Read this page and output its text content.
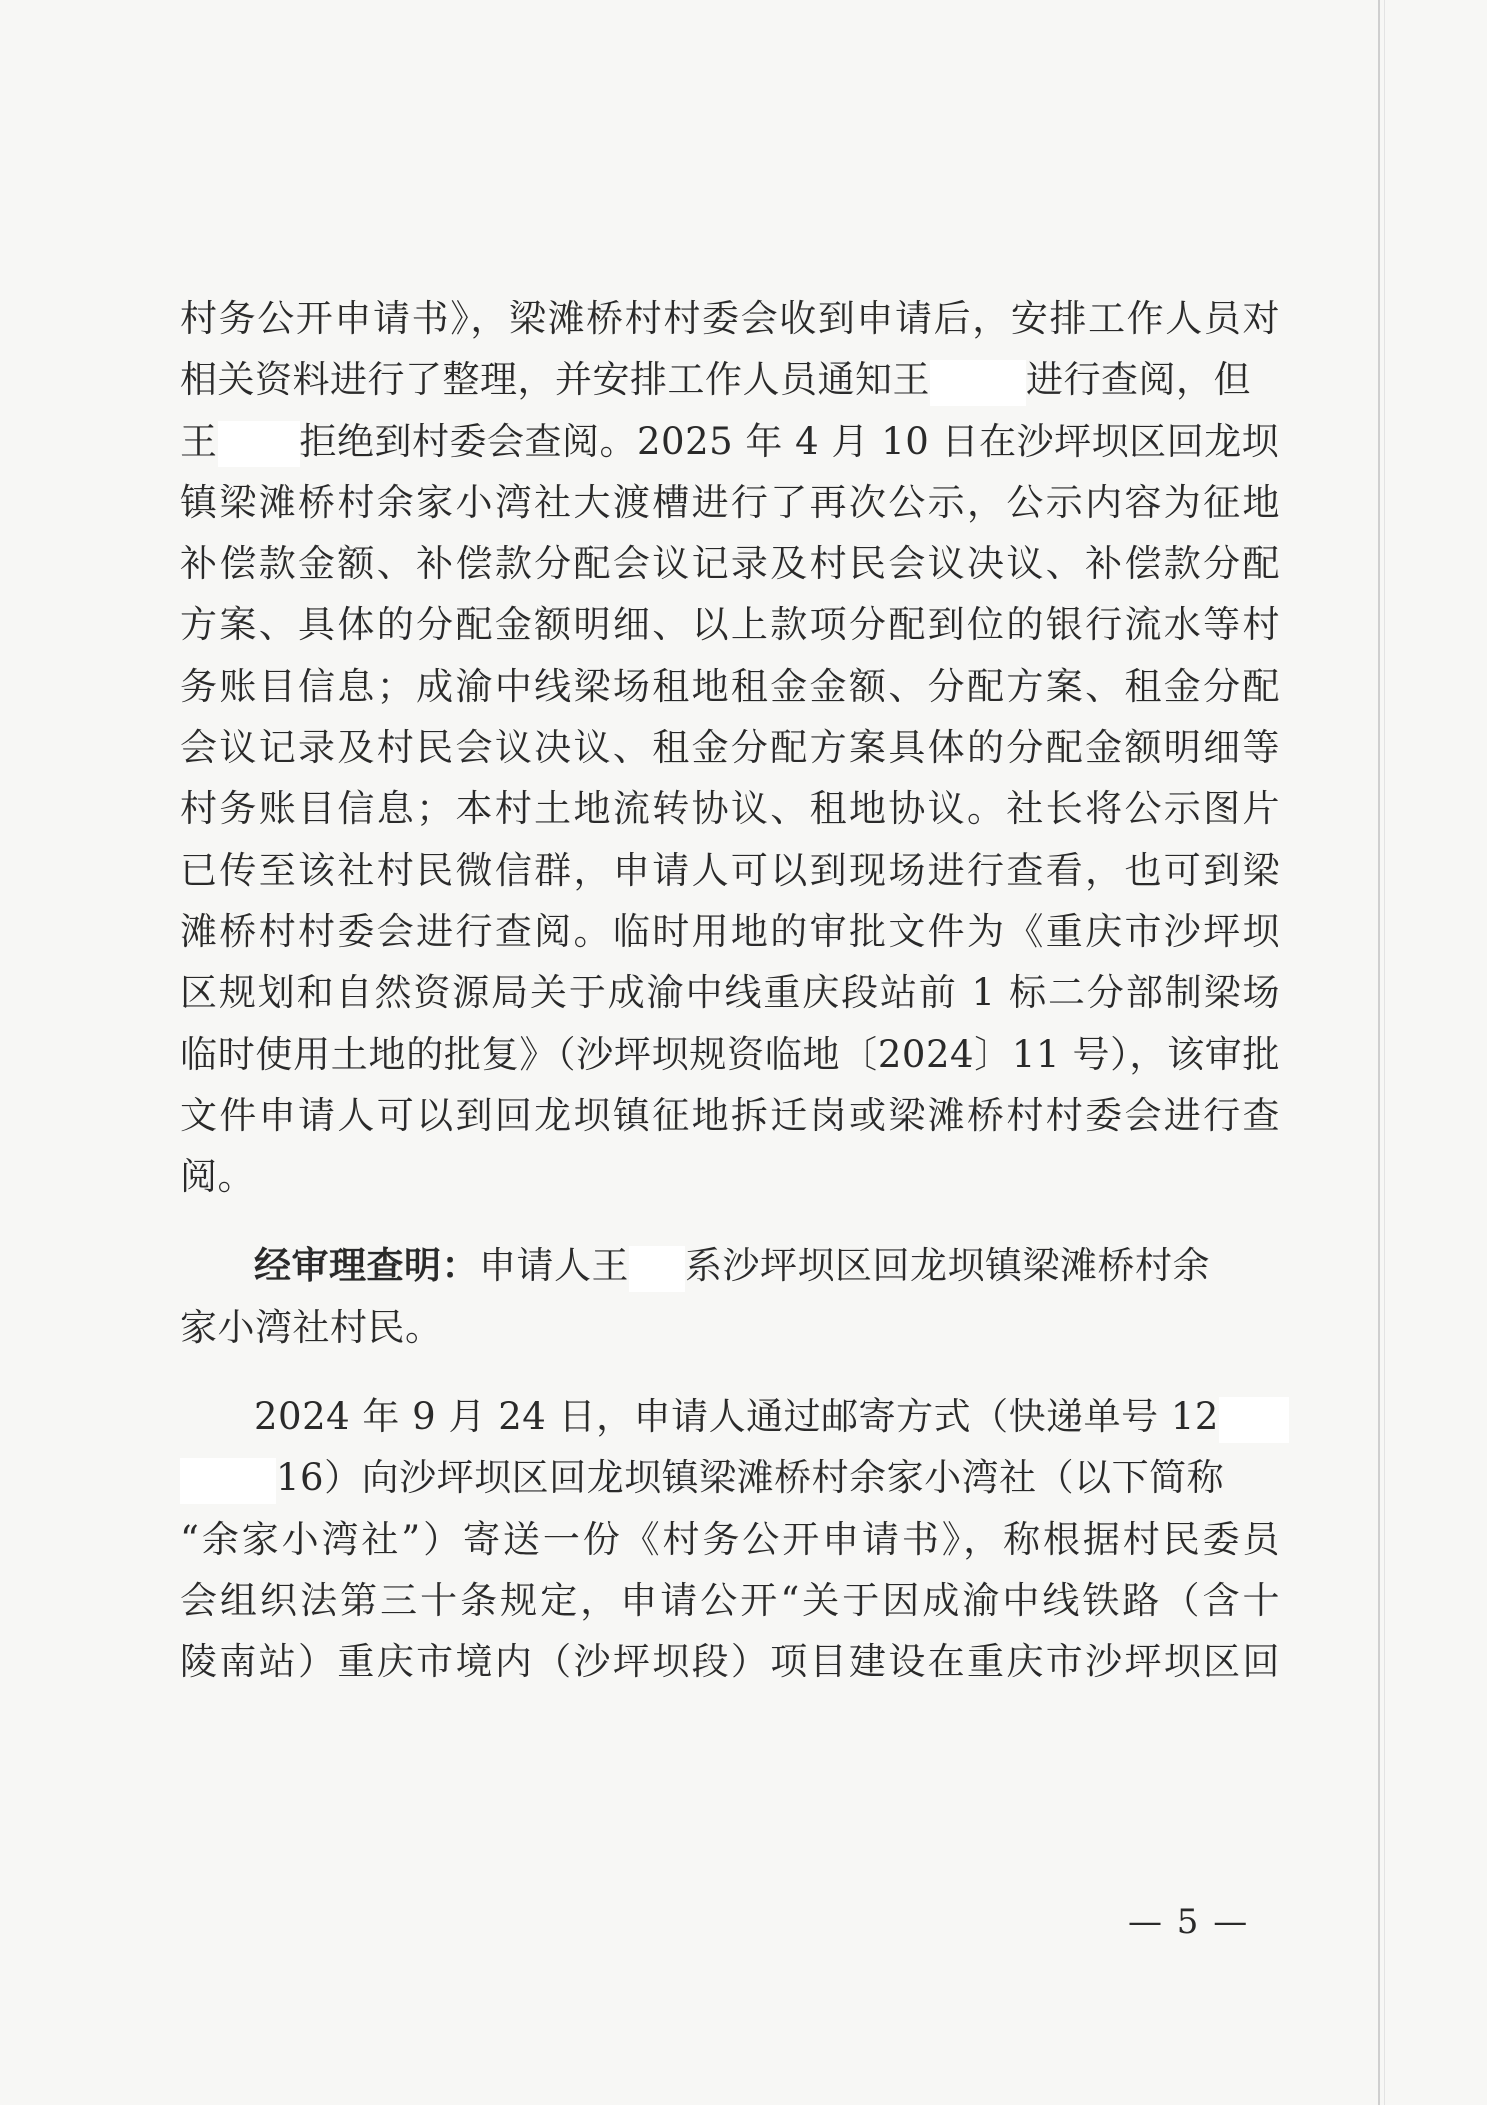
村务公开申请书》，梁滩桥村村委会收到申请后，安排工作人员对
相关资料进行了整理，并安排工作人员通知王	进行查阅，但
王 拒绝到村委会查阅。2025 年 4 月 10 日在沙坪坝区回龙坝
镇梁滩桥村余家小湾社大渡槽进行了再次公示，公示内容为征地
补偿款金额、补偿款分配会议记录及村民会议决议、补偿款分配
方案、具体的分配金额明细、以上款项分配到位的银行流水等村
务账目信息；成渝中线梁场租地租金金额、分配方案、租金分配
会议记录及村民会议决议、租金分配方案具体的分配金额明细等
村务账目信息；本村土地流转协议、租地协议。社长将公示图片
已传至该社村民微信群，申请人可以到现场进行查看，也可到梁
滩桥村村委会进行查阅。临时用地的审批文件为《重庆市沙坪坝
区规划和自然资源局关于成渝中线重庆段站前 1 标二分部制梁场
临时使用土地的批复》（沙坪坝规资临地〔2024〕11 号），该审批
文件申请人可以到回龙坝镇征地拆迁岗或梁滩桥村村委会进行查
阅。
经审理查明：申请人王 系沙坪坝区回龙坝镇梁滩桥村余
家小湾社村民。
2024 年 9 月 24 日，申请人通过邮寄方式（快递单号 12
16）向沙坪坝区回龙坝镇梁滩桥村余家小湾社（以下简称
“余家小湾社”）寄送一份《村务公开申请书》，称根据村民委员
会组织法第三十条规定，申请公开“关于因成渝中线铁路（含十
陵南站）重庆市境内（沙坪坝段）项目建设在重庆市沙坪坝区回
— 5 —
